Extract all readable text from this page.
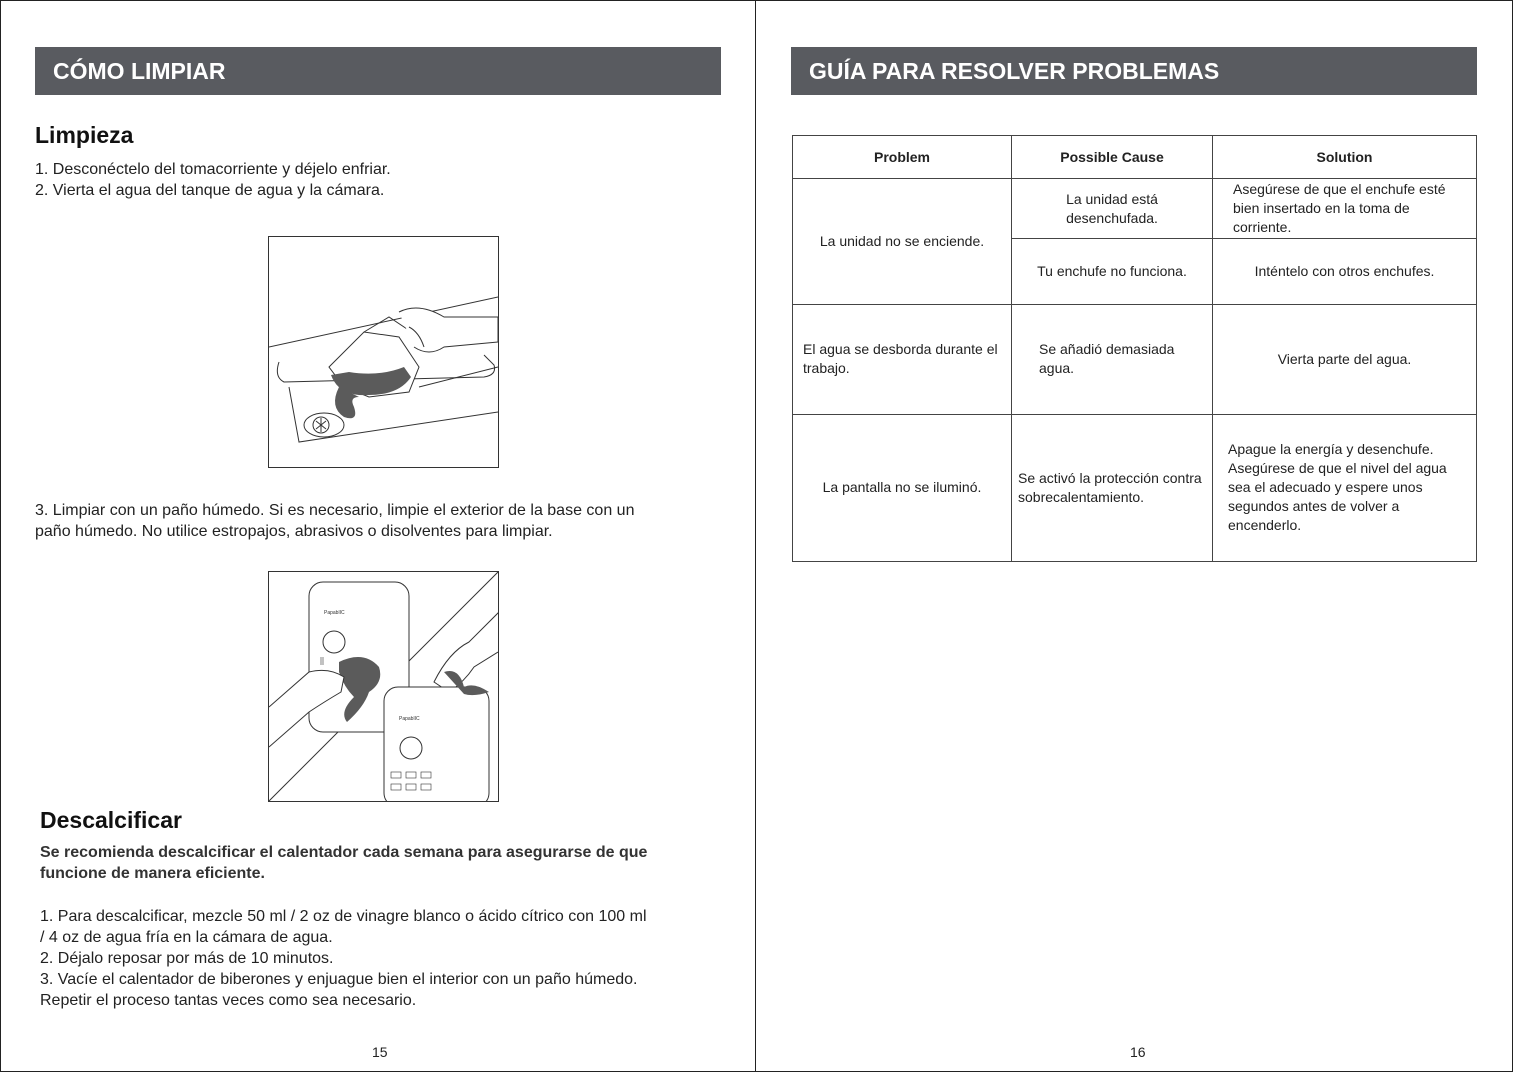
CÓMO LIMPIAR
Limpieza

1. Desconéctelo del tomacorriente y déjelo enfriar.

2. Vierta el agua del tanque de agua y la cámara.

3. Limpiar con un paño húmedo. Si es necesario, limpie el exterior de la base con un

paño húmedo. No utilice estropajos, abrasivos o disolventes para limpiar.

PapablIC
PapablIC
Descalcificar

Se recomienda descalcificar el calentador cada semana para asegurarse de que

funcione de manera eficiente.

1. Para descalcificar, mezcle 50 ml / 2 oz de vinagre blanco o ácido cítrico con 100 ml

/ 4 oz de agua fría en la cámara de agua.

2. Déjalo reposar por más de 10 minutos.

3. Vacíe el calentador de biberones y enjuague bien el interior con un paño húmedo.

Repetir el proceso tantas veces como sea necesario.

15
GUÍA PARA RESOLVER PROBLEMAS
Problem	Possible Cause	Solution
La unidad no se enciende.	La unidad está desenchufada.	Asegúrese de que el enchufe esté bien insertado en la toma de corriente.
	Tu enchufe no funciona.	Inténtelo con otros enchufes.
El agua se desborda durante el trabajo.	Se añadió demasiada agua.	Vierta parte del agua.
La pantalla no se iluminó.	Se activó la protección contra sobrecalentamiento.	Apague la energía y desenchufe. Asegúrese de que el nivel del agua sea el adecuado y espere unos segundos antes de volver a encenderlo.
16
